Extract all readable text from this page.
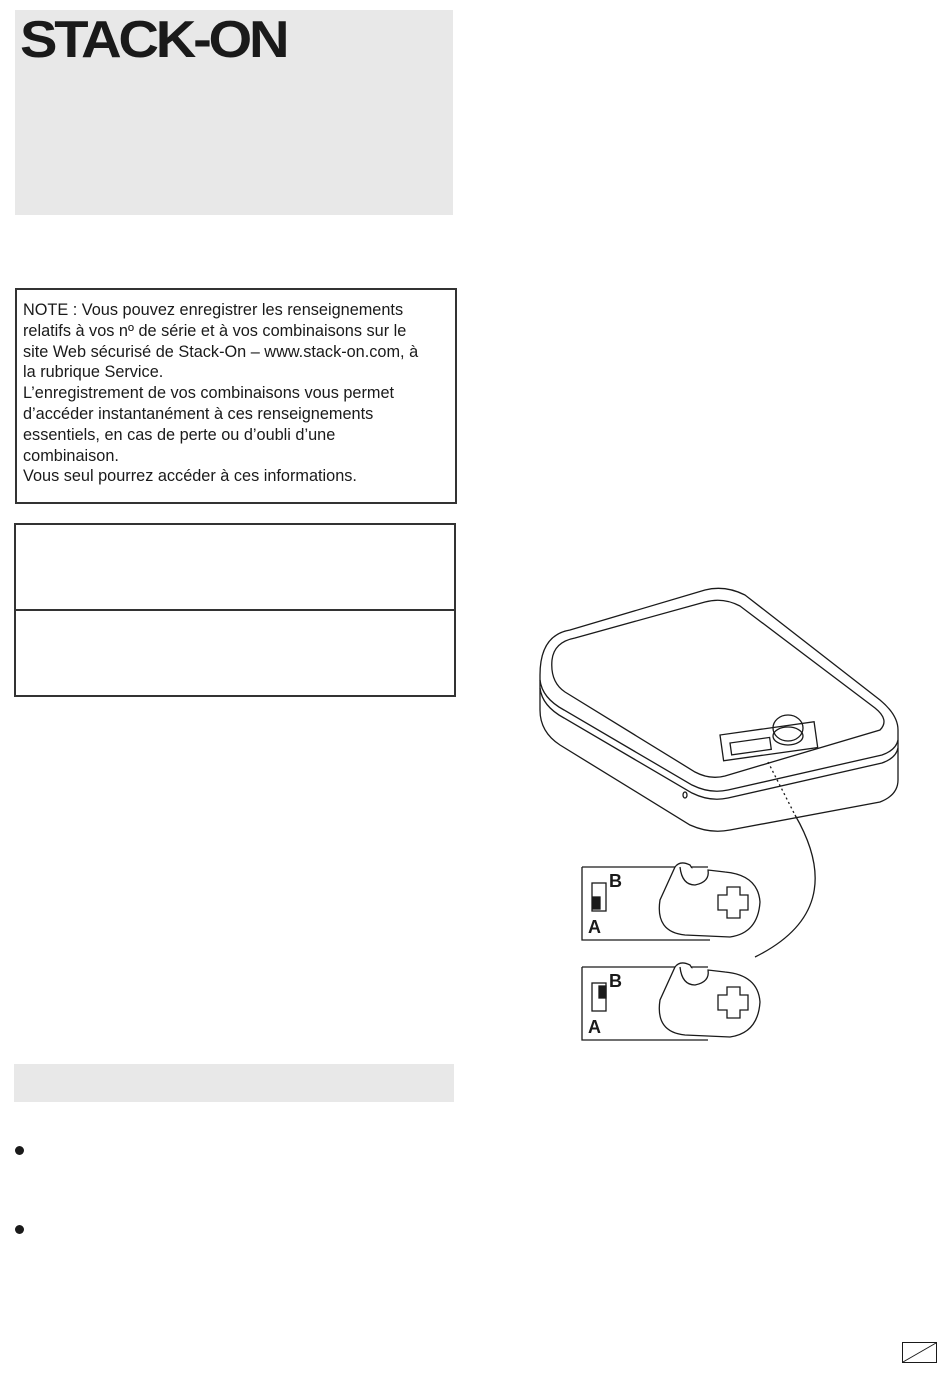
STACK-ON

NOTE : Vous pouvez enregistrer les renseignements

relatifs à vos nº de série et à vos combinaisons sur le

site Web sécurisé de Stack-On – www.stack-on.com, à

la rubrique Service.

L’enregistrement de vos combinaisons vous permet

d’accéder instantanément à ces renseignements

essentiels, en cas de perte ou d’oubli d’une

combinaison.

Vous seul pourrez accéder à ces informations.

B
A
B
A
